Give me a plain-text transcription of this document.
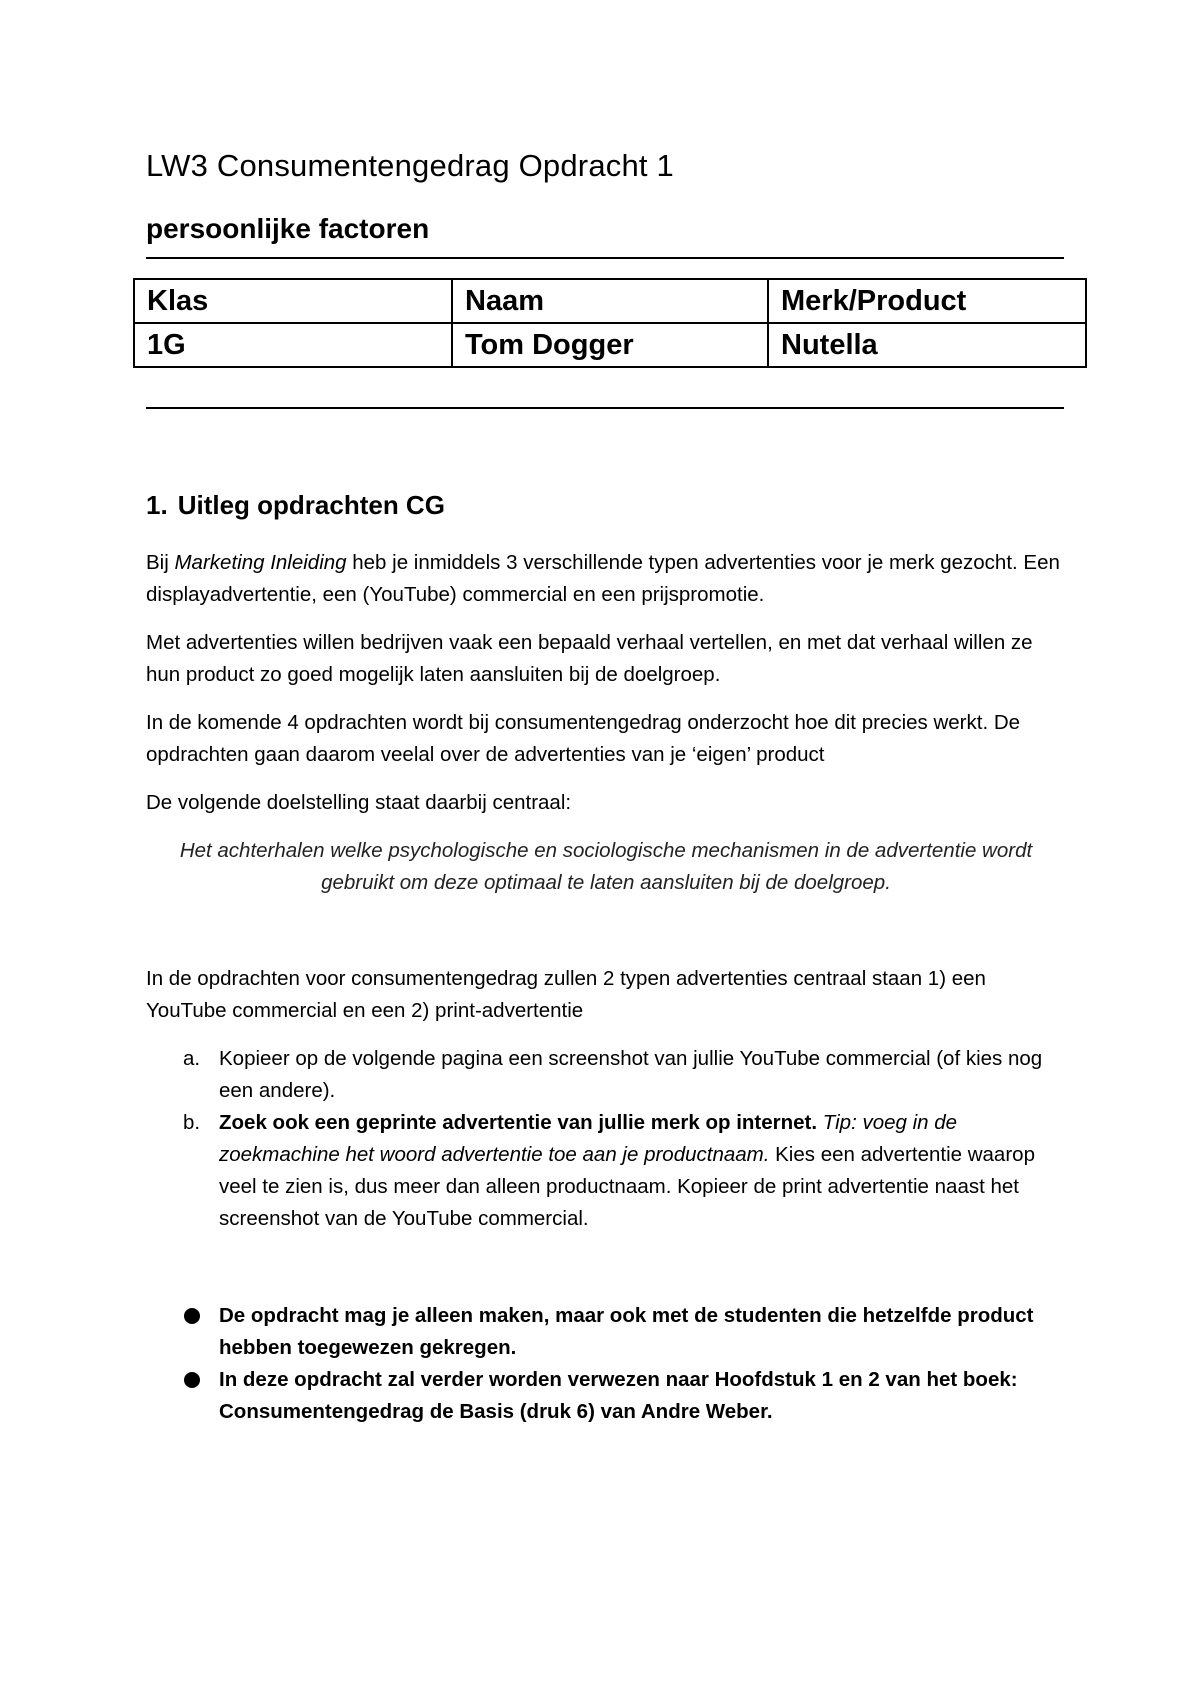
LW3 Consumentengedrag Opdracht 1
persoonlijke factoren
Klas	Naam	Merk/Product
1G	Tom Dogger	Nutella
1. Uitleg opdrachten CG
Bij Marketing Inleiding heb je inmiddels 3 verschillende typen advertenties voor je merk gezocht. Een displayadvertentie, een (YouTube) commercial en een prijspromotie.
Met advertenties willen bedrijven vaak een bepaald verhaal vertellen, en met dat verhaal willen ze hun product zo goed mogelijk laten aansluiten bij de doelgroep.
In de komende 4 opdrachten wordt bij consumentengedrag onderzocht hoe dit precies werkt. De opdrachten gaan daarom veelal over de advertenties van je ‘eigen’ product
De volgende doelstelling staat daarbij centraal:
Het achterhalen welke psychologische en sociologische mechanismen in de advertentie wordt gebruikt om deze optimaal te laten aansluiten bij de doelgroep.
In de opdrachten voor consumentengedrag zullen 2 typen advertenties centraal staan 1) een YouTube commercial en een 2) print-advertentie
a. Kopieer op de volgende pagina een screenshot van jullie YouTube commercial (of kies nog een andere).
b. Zoek ook een geprinte advertentie van jullie merk op internet. Tip: voeg in de zoekmachine het woord advertentie toe aan je productnaam. Kies een advertentie waarop veel te zien is, dus meer dan alleen productnaam. Kopieer de print advertentie naast het screenshot van de YouTube commercial.
De opdracht mag je alleen maken, maar ook met de studenten die hetzelfde product hebben toegewezen gekregen.
In deze opdracht zal verder worden verwezen naar Hoofdstuk 1 en 2 van het boek: Consumentengedrag de Basis (druk 6) van Andre Weber.
